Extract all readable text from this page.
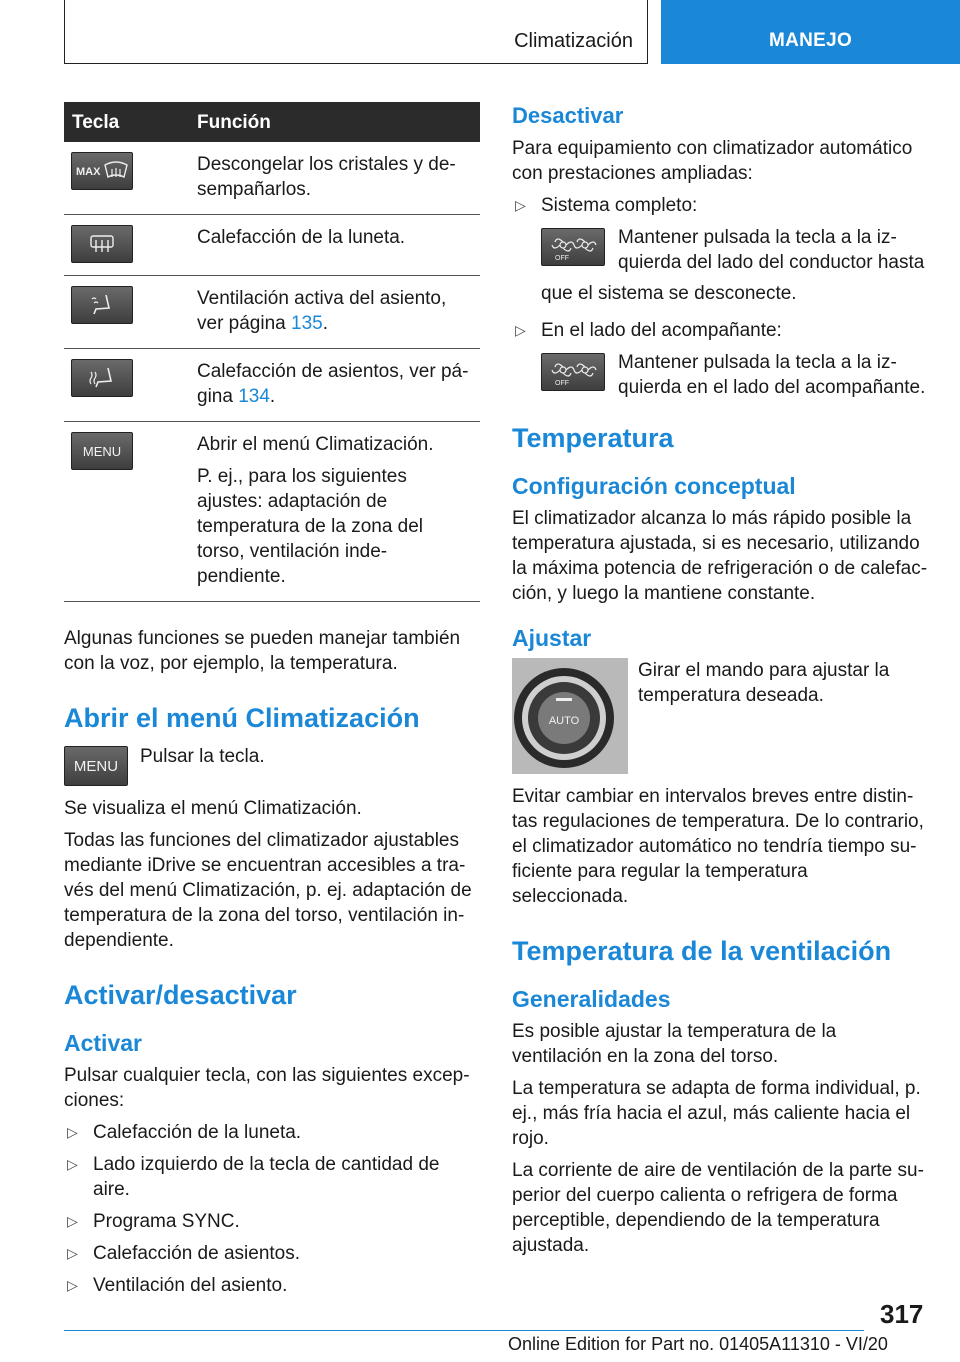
Climatización	MANEJO
Tecla	Función

MAX	Descongelar los cristales y de-sempañarlos.

	Calefacción de la luneta.

	Ventilación activa del asiento, ver página 135.

	Calefacción de asientos, ver pá-gina 134.

MENU	Abrir el menú Climatización.

P. ej., para los siguientes ajustes: adaptación de temperatura de la zona del torso, ventilación inde-pendiente.

Algunas funciones se pueden manejar también con la voz, por ejemplo, la temperatura.

Abrir el menú Climatización
MENU	Pulsar la tecla.

Se visualiza el menú Climatización.

Todas las funciones del climatizador ajustables mediante iDrive se encuentran accesibles a tra-vés del menú Climatización, p. ej. adaptación de temperatura de la zona del torso, ventilación in-dependiente.

Activar/desactivar
Activar

Pulsar cualquier tecla, con las siguientes excep-ciones:

▷ Calefacción de la luneta.
▷ Lado izquierdo de la tecla de cantidad de aire.
▷ Programa SYNC.
▷ Calefacción de asientos.
▷ Ventilación del asiento.
Desactivar

Para equipamiento con climatizador automático con prestaciones ampliadas:

▷ Sistema completo:
OFF

Mantener pulsada la tecla a la iz-quierda del lado del conductor hasta

que el sistema se desconecte.

▷ En el lado del acompañante:
OFF

Mantener pulsada la tecla a la iz-quierda en el lado del acompañante.

Temperatura
Configuración conceptual

El climatizador alcanza lo más rápido posible la temperatura ajustada, si es necesario, utilizando la máxima potencia de refrigeración o de calefac-ción, y luego la mantiene constante.

Ajustar
AUTO

Girar el mando para ajustar la temperatura deseada.

Evitar cambiar en intervalos breves entre distin-tas regulaciones de temperatura. De lo contrario, el climatizador automático no tendría tiempo su-ficiente para regular la temperatura seleccionada.

Temperatura de la ventilación
Generalidades

Es posible ajustar la temperatura de la ventilación en la zona del torso.

La temperatura se adapta de forma individual, p. ej., más fría hacia el azul, más caliente hacia el rojo.

La corriente de aire de ventilación de la parte su-perior del cuerpo calienta o refrigera de forma perceptible, dependiendo de la temperatura ajustada.

317
Online Edition for Part no. 01405A11310 - VI/20
